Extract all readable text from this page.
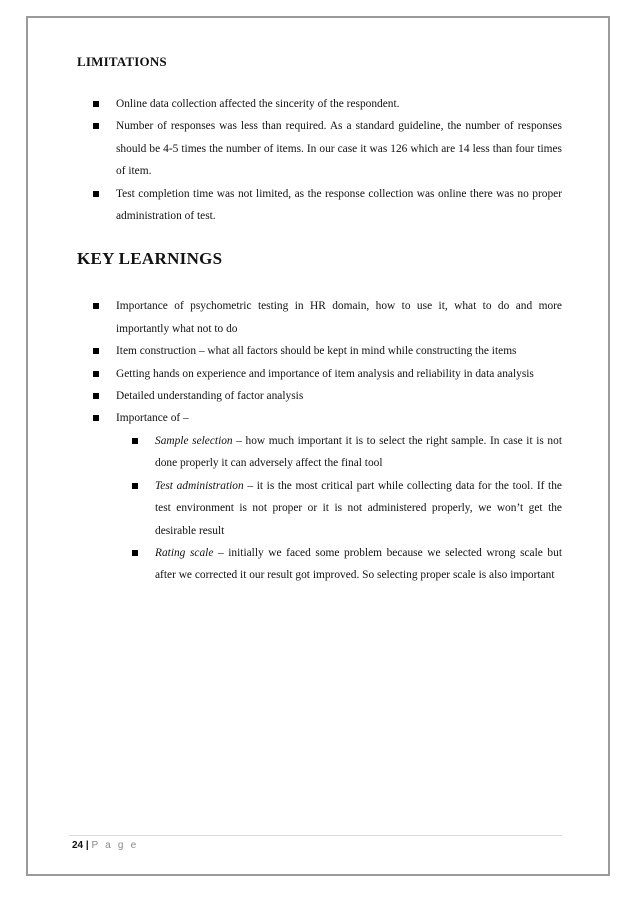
LIMITATIONS
Online data collection affected the sincerity of the respondent.
Number of responses was less than required. As a standard guideline, the number of responses should be 4-5 times the number of items. In our case it was 126 which are 14 less than four times of item.
Test completion time was not limited, as the response collection was online there was no proper administration of test.
KEY LEARNINGS
Importance of psychometric testing in HR domain, how to use it, what to do and more importantly what not to do
Item construction – what all factors should be kept in mind while constructing the items
Getting hands on experience and importance of item analysis and reliability in data analysis
Detailed understanding of factor analysis
Importance of –
Sample selection – how much important it is to select the right sample. In case it is not done properly it can adversely affect the final tool
Test administration – it is the most critical part while collecting data for the tool. If the test environment is not proper or it is not administered properly, we won’t get the desirable result
Rating scale – initially we faced some problem because we selected wrong scale but after we corrected it our result got improved. So selecting proper scale is also important
24 | P a g e
